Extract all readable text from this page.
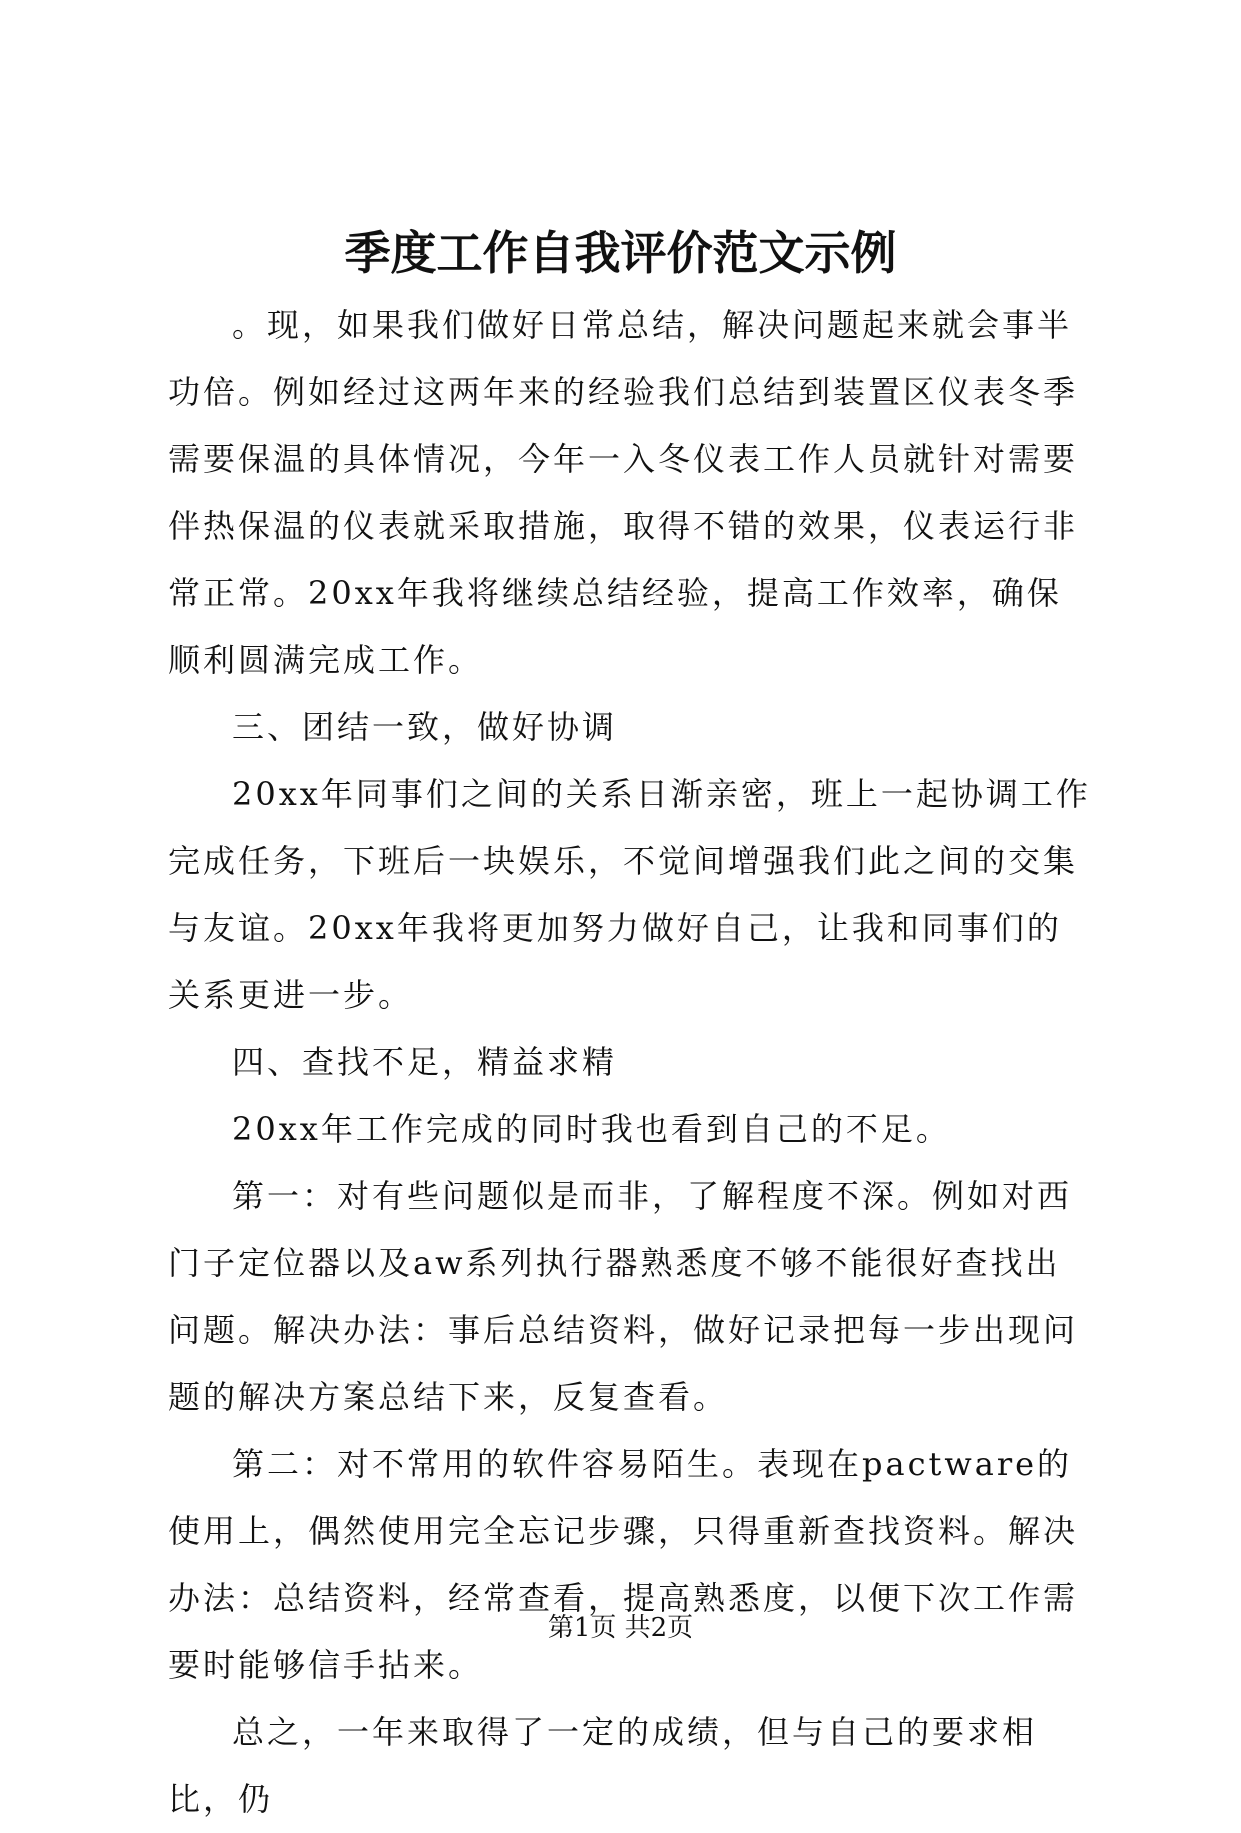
季度工作自我评价范文示例

。现，如果我们做好日常总结，解决问题起来就会事半功倍。例如经过这两年来的经验我们总结到装置区仪表冬季需要保温的具体情况，今年一入冬仪表工作人员就针对需要伴热保温的仪表就采取措施，取得不错的效果，仪表运行非常正常。20xx年我将继续总结经验，提高工作效率，确保顺利圆满完成工作。

三、团结一致，做好协调

20xx年同事们之间的关系日渐亲密，班上一起协调工作完成任务，下班后一块娱乐，不觉间增强我们此之间的交集与友谊。20xx年我将更加努力做好自己，让我和同事们的关系更进一步。

四、查找不足，精益求精

20xx年工作完成的同时我也看到自己的不足。

第一：对有些问题似是而非，了解程度不深。例如对西门子定位器以及aw系列执行器熟悉度不够不能很好查找出问题。解决办法：事后总结资料，做好记录把每一步出现问题的解决方案总结下来，反复查看。

第二：对不常用的软件容易陌生。表现在pactware的使用上，偶然使用完全忘记步骤，只得重新查找资料。解决办法：总结资料，经常查看，提高熟悉度，以便下次工作需要时能够信手拈来。

总之，一年来取得了一定的成绩，但与自己的要求相比，仍

第1页 共2页
